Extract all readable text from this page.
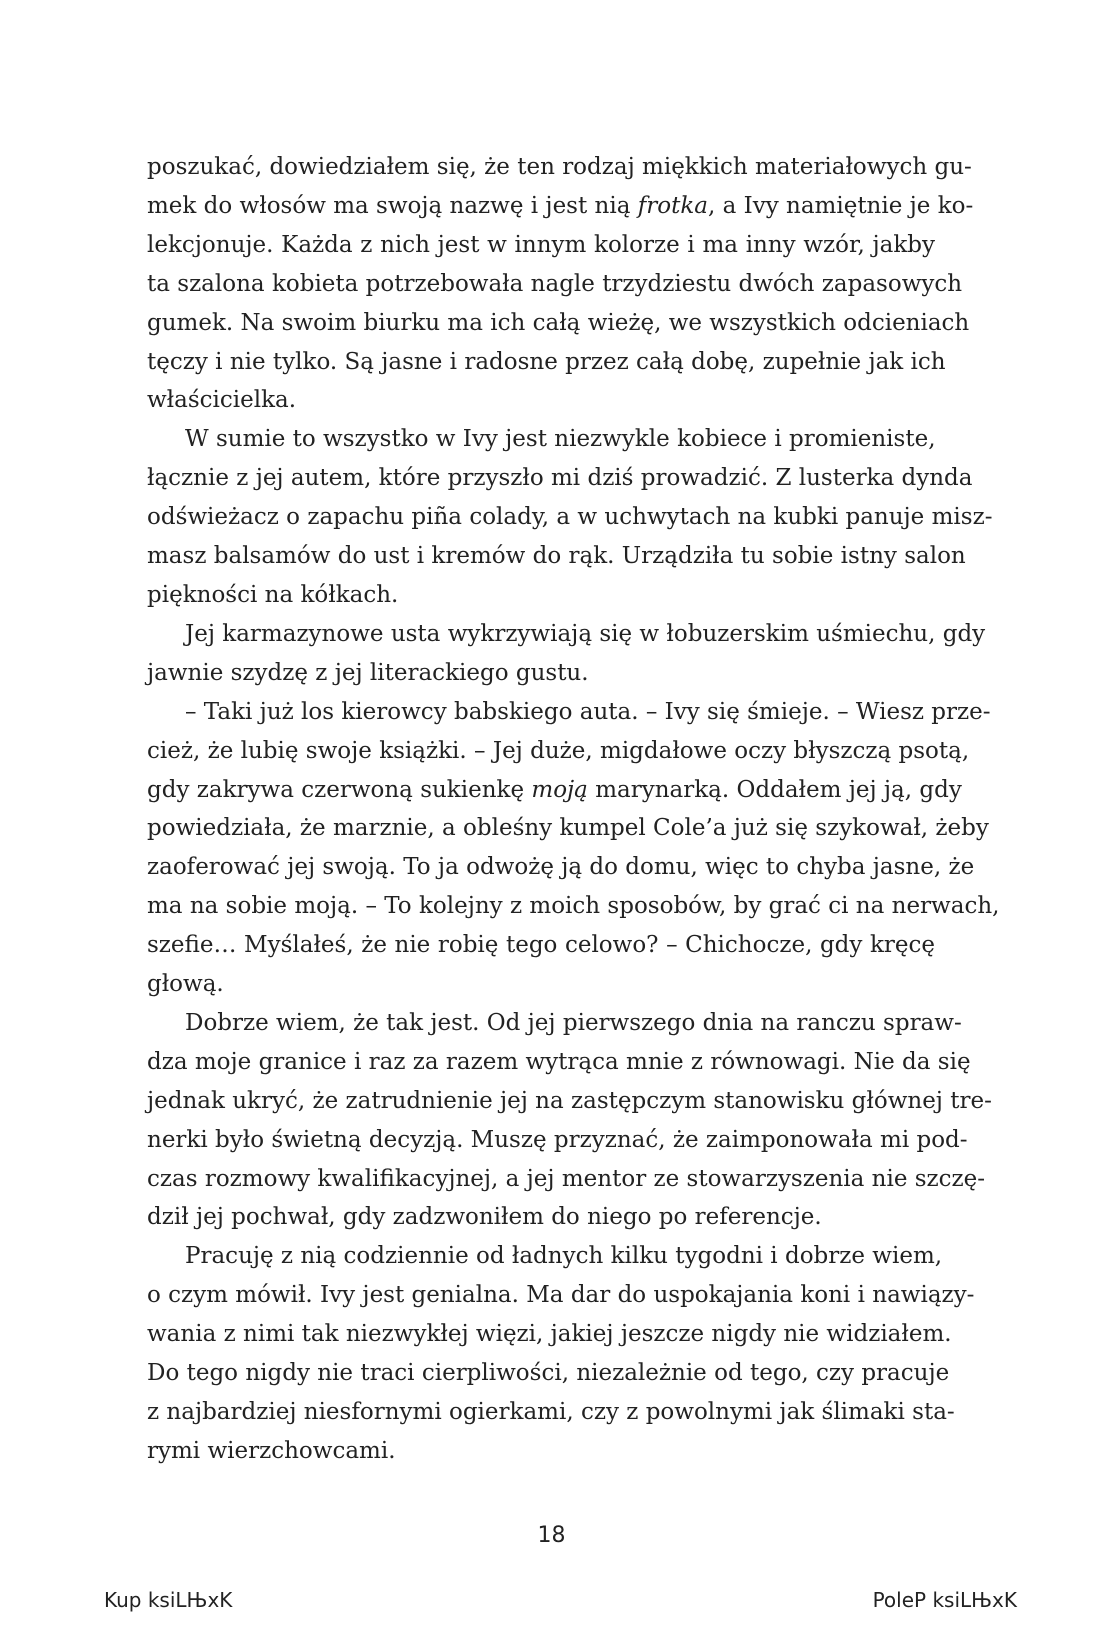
poszukać, dowiedziałem się, że ten rodzaj miękkich materiałowych gu-
mek do włosów ma swoją nazwę i jest nią frotka, a Ivy namiętnie je ko-
lekcjonuje. Każda z nich jest w innym kolorze i ma inny wzór, jakby
ta szalona kobieta potrzebowała nagle trzydziestu dwóch zapasowych
gumek. Na swoim biurku ma ich całą wieżę, we wszystkich odcieniach
tęczy i nie tylko. Są jasne i radosne przez całą dobę, zupełnie jak ich
właścicielka.

W sumie to wszystko w Ivy jest niezwykle kobiece i promieniste,
łącznie z jej autem, które przyszło mi dziś prowadzić. Z lusterka dynda
odświeżacz o zapachu piña colady, a w uchwytach na kubki panuje misz-
masz balsamów do ust i kremów do rąk. Urządziła tu sobie istny salon
piękności na kółkach.

Jej karmazynowe usta wykrzywiają się w łobuzerskim uśmiechu, gdy
jawnie szydzę z jej literackiego gustu.

– Taki już los kierowcy babskiego auta. – Ivy się śmieje. – Wiesz prze-
cież, że lubię swoje książki. – Jej duże, migdałowe oczy błyszczą psotą,
gdy zakrywa czerwoną sukienkę moją marynarką. Oddałem jej ją, gdy
powiedziała, że marznie, a obleśny kumpel Cole’a już się szykował, żeby
zaoferować jej swoją. To ja odwożę ją do domu, więc to chyba jasne, że
ma na sobie moją. – To kolejny z moich sposobów, by grać ci na nerwach,
szefie… Myślałeś, że nie robię tego celowo? – Chichocze, gdy kręcę
głową.

Dobrze wiem, że tak jest. Od jej pierwszego dnia na ranczu spraw-
dza moje granice i raz za razem wytrąca mnie z równowagi. Nie da się
jednak ukryć, że zatrudnienie jej na zastępczym stanowisku głównej tre-
nerki było świetną decyzją. Muszę przyznać, że zaimponowała mi pod-
czas rozmowy kwalifikacyjnej, a jej mentor ze stowarzyszenia nie szczę-
dził jej pochwał, gdy zadzwoniłem do niego po referencje.

Pracuję z nią codziennie od ładnych kilku tygodni i dobrze wiem,
o czym mówił. Ivy jest genialna. Ma dar do uspokajania koni i nawiązy-
wania z nimi tak niezwykłej więzi, jakiej jeszcze nigdy nie widziałem.
Do tego nigdy nie traci cierpliwości, niezależnie od tego, czy pracuje
z najbardziej niesfornymi ogierkami, czy z powolnymi jak ślimaki sta-
rymi wierzchowcami.

18
Kup ksiLЊxK	PoleP ksiLЊxK
